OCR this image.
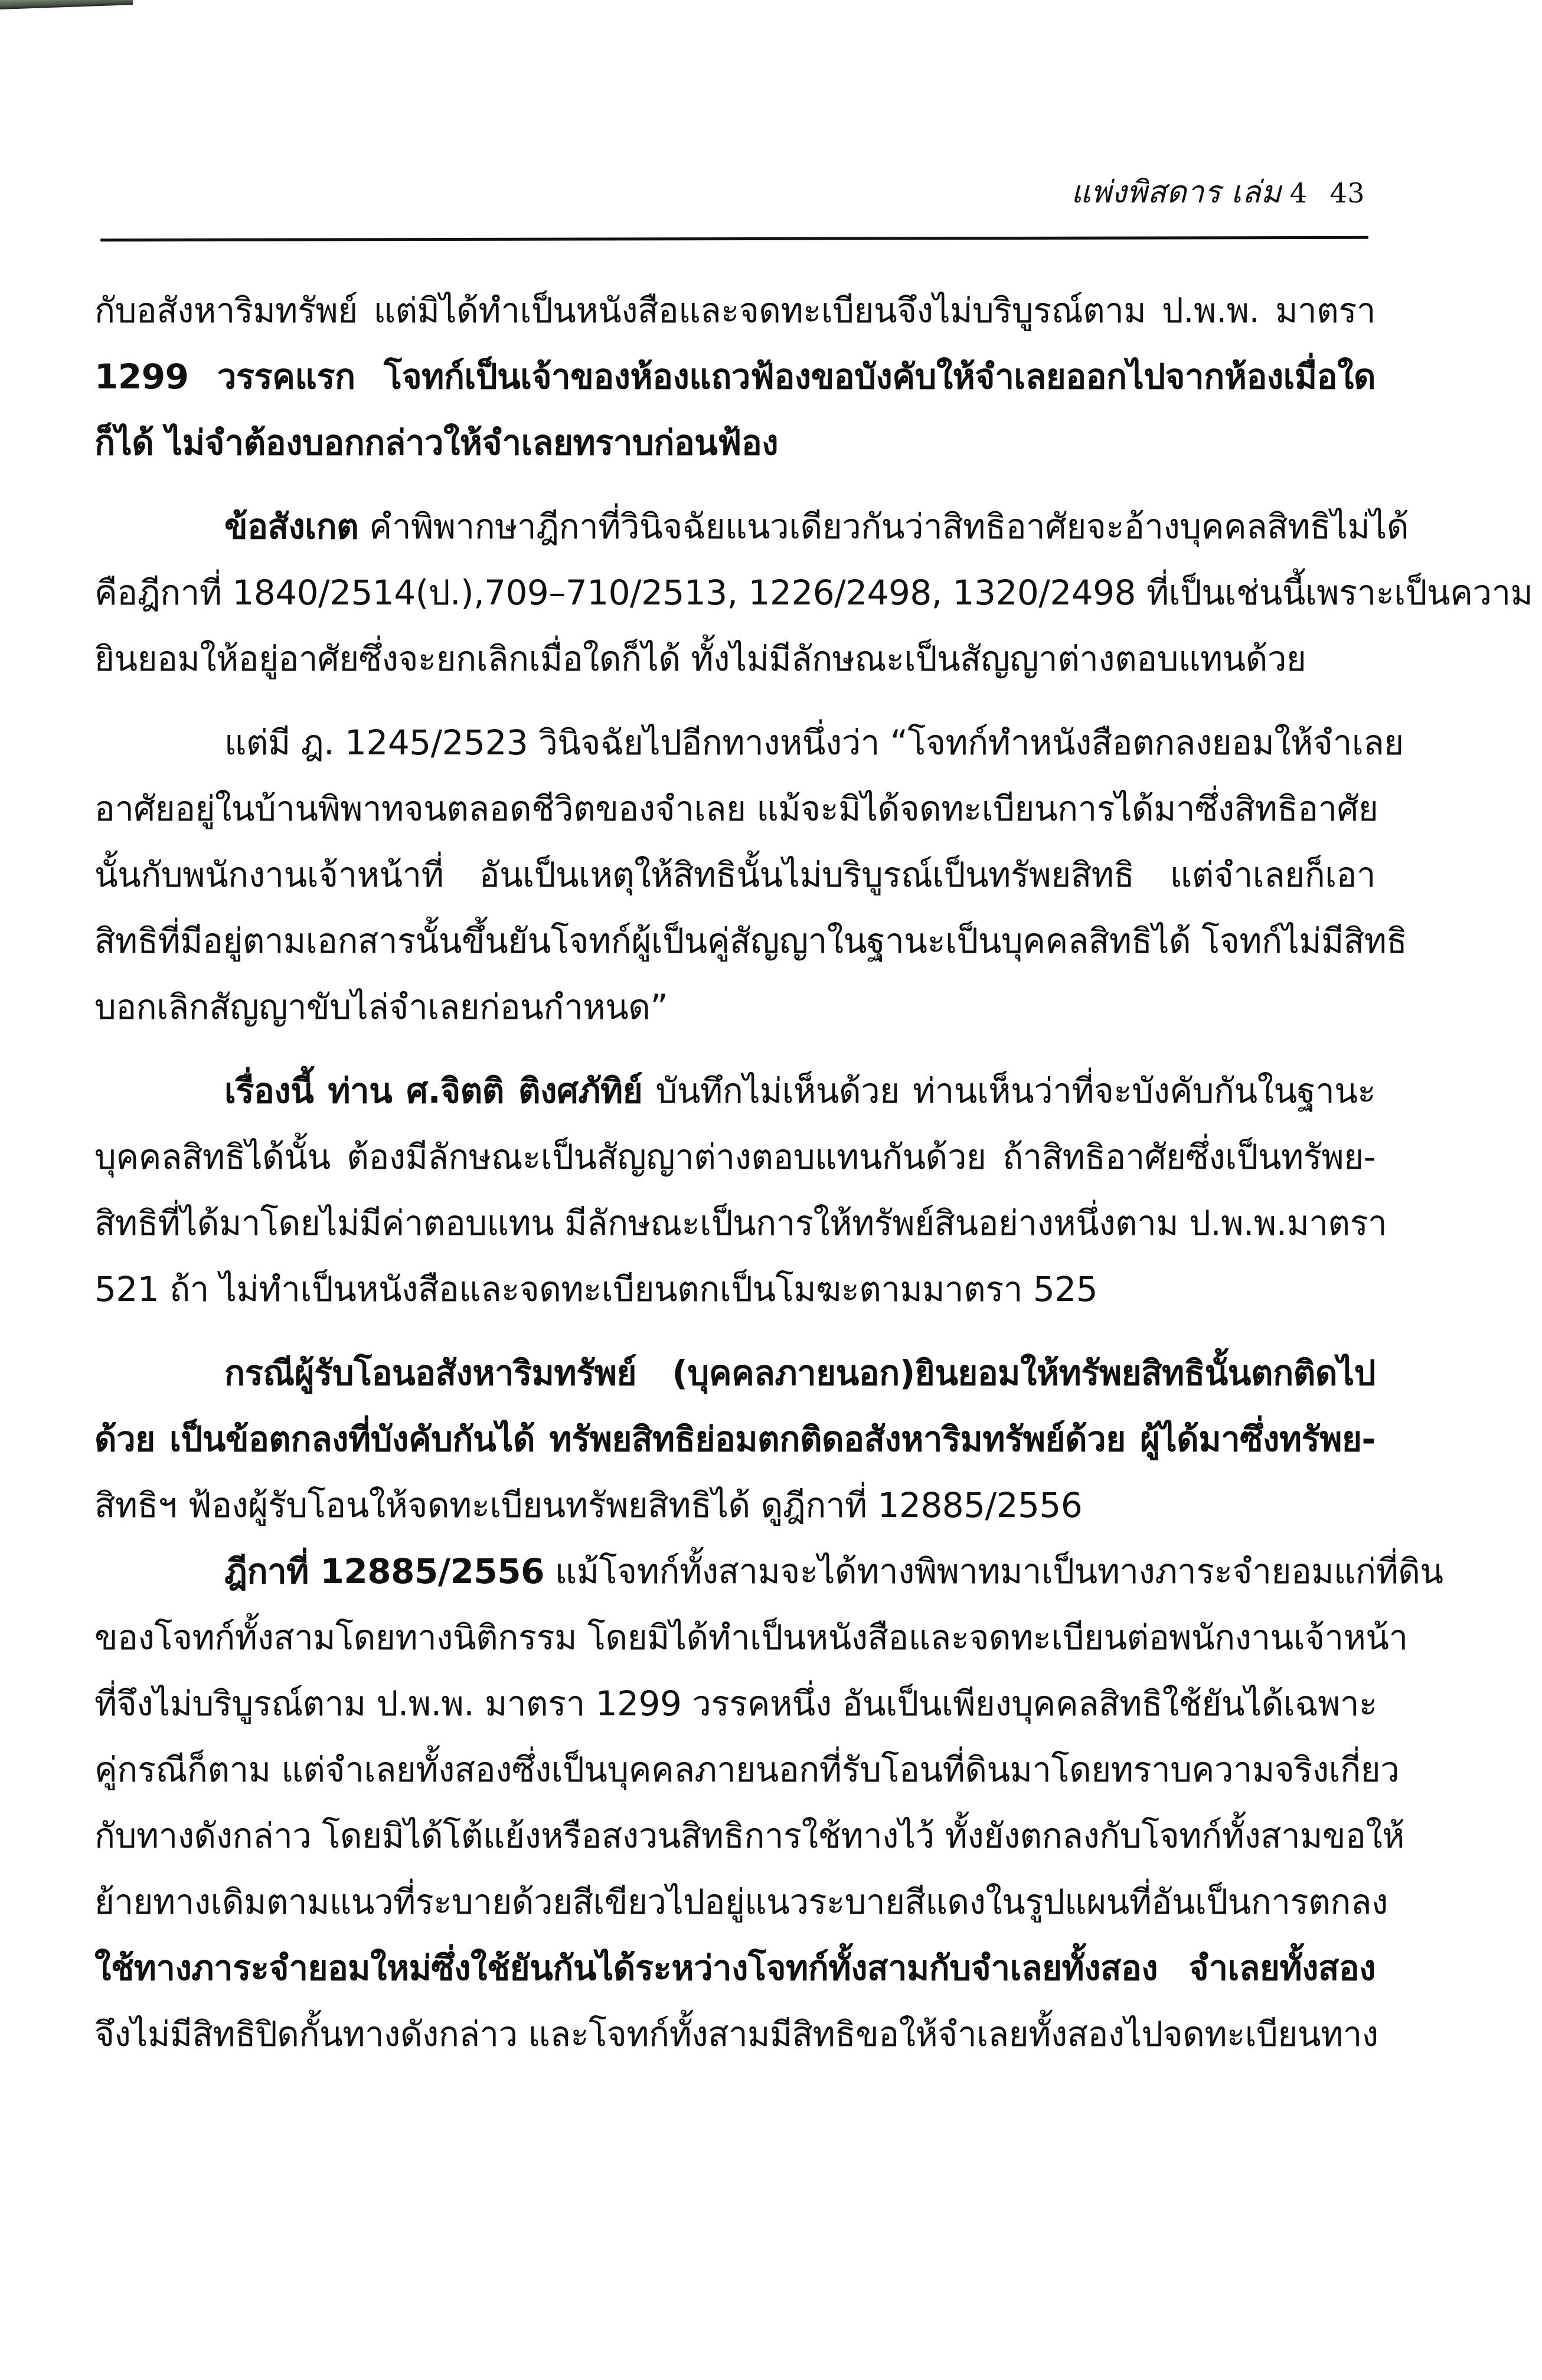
แพ่งพิสดาร เล่ม 4 43

กับอสังหาริมทรัพย์ แต่มิได้ทำเป็นหนังสือและจดทะเบียนจึงไม่บริบูรณ์ตาม ป.พ.พ. มาตรา
1299 วรรคแรก โจทก์เป็นเจ้าของห้องแถวฟ้องขอบังคับให้จำเลยออกไปจากห้องเมื่อใด
ก็ได้ ไม่จำต้องบอกกล่าวให้จำเลยทราบก่อนฟ้อง

ข้อสังเกต คำพิพากษาฎีกาที่วินิจฉัยแนวเดียวกันว่าสิทธิอาศัยจะอ้างบุคคลสิทธิไม่ได้
คือฎีกาที่ 1840/2514(ป.),709–710/2513, 1226/2498, 1320/2498 ที่เป็นเช่นนี้เพราะเป็นความ
ยินยอมให้อยู่อาศัยซึ่งจะยกเลิกเมื่อใดก็ได้ ทั้งไม่มีลักษณะเป็นสัญญาต่างตอบแทนด้วย

แต่มี ฎ. 1245/2523 วินิจฉัยไปอีกทางหนึ่งว่า “โจทก์ทำหนังสือตกลงยอมให้จำเลย
อาศัยอยู่ในบ้านพิพาทจนตลอดชีวิตของจำเลย แม้จะมิได้จดทะเบียนการได้มาซึ่งสิทธิอาศัย
นั้นกับพนักงานเจ้าหน้าที่ อันเป็นเหตุให้สิทธินั้นไม่บริบูรณ์เป็นทรัพยสิทธิ แต่จำเลยก็เอา
สิทธิที่มีอยู่ตามเอกสารนั้นขึ้นยันโจทก์ผู้เป็นคู่สัญญาในฐานะเป็นบุคคลสิทธิได้ โจทก์ไม่มีสิทธิ
บอกเลิกสัญญาขับไล่จำเลยก่อนกำหนด”

เรื่องนี้ ท่าน ศ.จิตติ ติงศภัทิย์ บันทึกไม่เห็นด้วย ท่านเห็นว่าที่จะบังคับกันในฐานะ
บุคคลสิทธิได้นั้น ต้องมีลักษณะเป็นสัญญาต่างตอบแทนกันด้วย ถ้าสิทธิอาศัยซึ่งเป็นทรัพย-
สิทธิที่ได้มาโดยไม่มีค่าตอบแทน มีลักษณะเป็นการให้ทรัพย์สินอย่างหนึ่งตาม ป.พ.พ.มาตรา
521 ถ้า ไม่ทำเป็นหนังสือและจดทะเบียนตกเป็นโมฆะตามมาตรา 525

กรณีผู้รับโอนอสังหาริมทรัพย์ (บุคคลภายนอก)ยินยอมให้ทรัพยสิทธินั้นตกติดไป
ด้วย เป็นข้อตกลงที่บังคับกันได้ ทรัพยสิทธิย่อมตกติดอสังหาริมทรัพย์ด้วย ผู้ได้มาซึ่งทรัพย-
สิทธิฯ ฟ้องผู้รับโอนให้จดทะเบียนทรัพยสิทธิได้ ดูฎีกาที่ 12885/2556

ฎีกาที่ 12885/2556 แม้โจทก์ทั้งสามจะได้ทางพิพาทมาเป็นทางภาระจำยอมแก่ที่ดิน
ของโจทก์ทั้งสามโดยทางนิติกรรม โดยมิได้ทำเป็นหนังสือและจดทะเบียนต่อพนักงานเจ้าหน้า
ที่จึงไม่บริบูรณ์ตาม ป.พ.พ. มาตรา 1299 วรรคหนึ่ง อันเป็นเพียงบุคคลสิทธิใช้ยันได้เฉพาะ
คู่กรณีก็ตาม แต่จำเลยทั้งสองซึ่งเป็นบุคคลภายนอกที่รับโอนที่ดินมาโดยทราบความจริงเกี่ยว
กับทางดังกล่าว โดยมิได้โต้แย้งหรือสงวนสิทธิการใช้ทางไว้ ทั้งยังตกลงกับโจทก์ทั้งสามขอให้
ย้ายทางเดิมตามแนวที่ระบายด้วยสีเขียวไปอยู่แนวระบายสีแดงในรูปแผนที่อันเป็นการตกลง
ใช้ทางภาระจำยอมใหม่ซึ่งใช้ยันกันได้ระหว่างโจทก์ทั้งสามกับจำเลยทั้งสอง จำเลยทั้งสอง
จึงไม่มีสิทธิปิดกั้นทางดังกล่าว และโจทก์ทั้งสามมีสิทธิขอให้จำเลยทั้งสองไปจดทะเบียนทาง
